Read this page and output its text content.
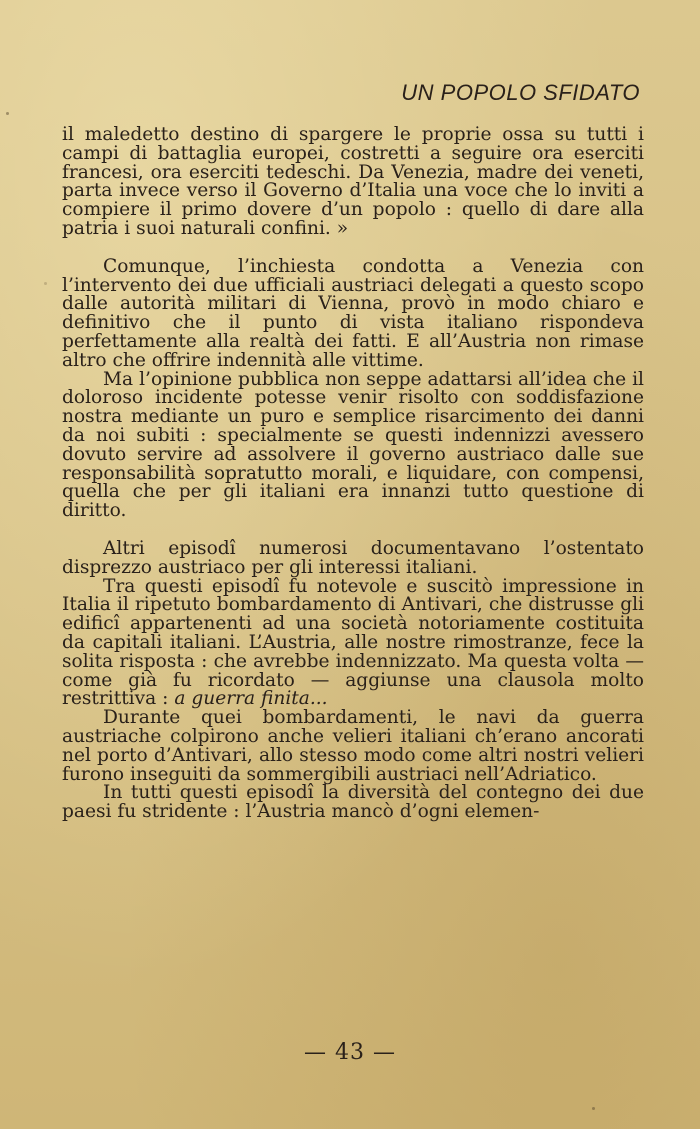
UN POPOLO SFIDATO

il maledetto destino di spargere le proprie ossa su tutti i campi di battaglia europei, costretti a seguire ora eserciti francesi, ora eserciti tedeschi. Da Venezia, madre dei veneti, parta invece verso il Governo d’Italia una voce che lo inviti a compiere il primo dovere d’un popolo : quello di dare alla patria i suoi naturali confini. »

Comunque, l’inchiesta condotta a Venezia con l’intervento dei due ufficiali austriaci delegati a questo scopo dalle autorità militari di Vienna, provò in modo chiaro e definitivo che il punto di vista italiano rispondeva perfettamente alla realtà dei fatti. E all’Austria non rimase altro che offrire indennità alle vittime.

Ma l’opinione pubblica non seppe adattarsi all’idea che il doloroso incidente potesse venir risolto con soddisfazione nostra mediante un puro e semplice risarcimento dei danni da noi subiti : specialmente se questi indennizzi avessero dovuto servire ad assolvere il governo austriaco dalle sue responsabilità sopratutto morali, e liquidare, con compensi, quella che per gli italiani era innanzi tutto questione di diritto.

Altri episodî numerosi documentavano l’ostentato disprezzo austriaco per gli interessi italiani.

Tra questi episodî fu notevole e suscitò impressione in Italia il ripetuto bombardamento di Antivari, che distrusse gli edificî appartenenti ad una società notoriamente costituita da capitali italiani. L’Austria, alle nostre rimostranze, fece la solita risposta : che avrebbe indennizzato. Ma questa volta — come già fu ricordato — aggiunse una clausola molto restrittiva : a guerra finita...

Durante quei bombardamenti, le navi da guerra austriache colpirono anche velieri italiani ch’erano ancorati nel porto d’Antivari, allo stesso modo come altri nostri velieri furono inseguiti da sommergibili austriaci nell’Adriatico.

In tutti questi episodî la diversità del contegno dei due paesi fu stridente : l’Austria mancò d’ogni elemen-

— 43 —
